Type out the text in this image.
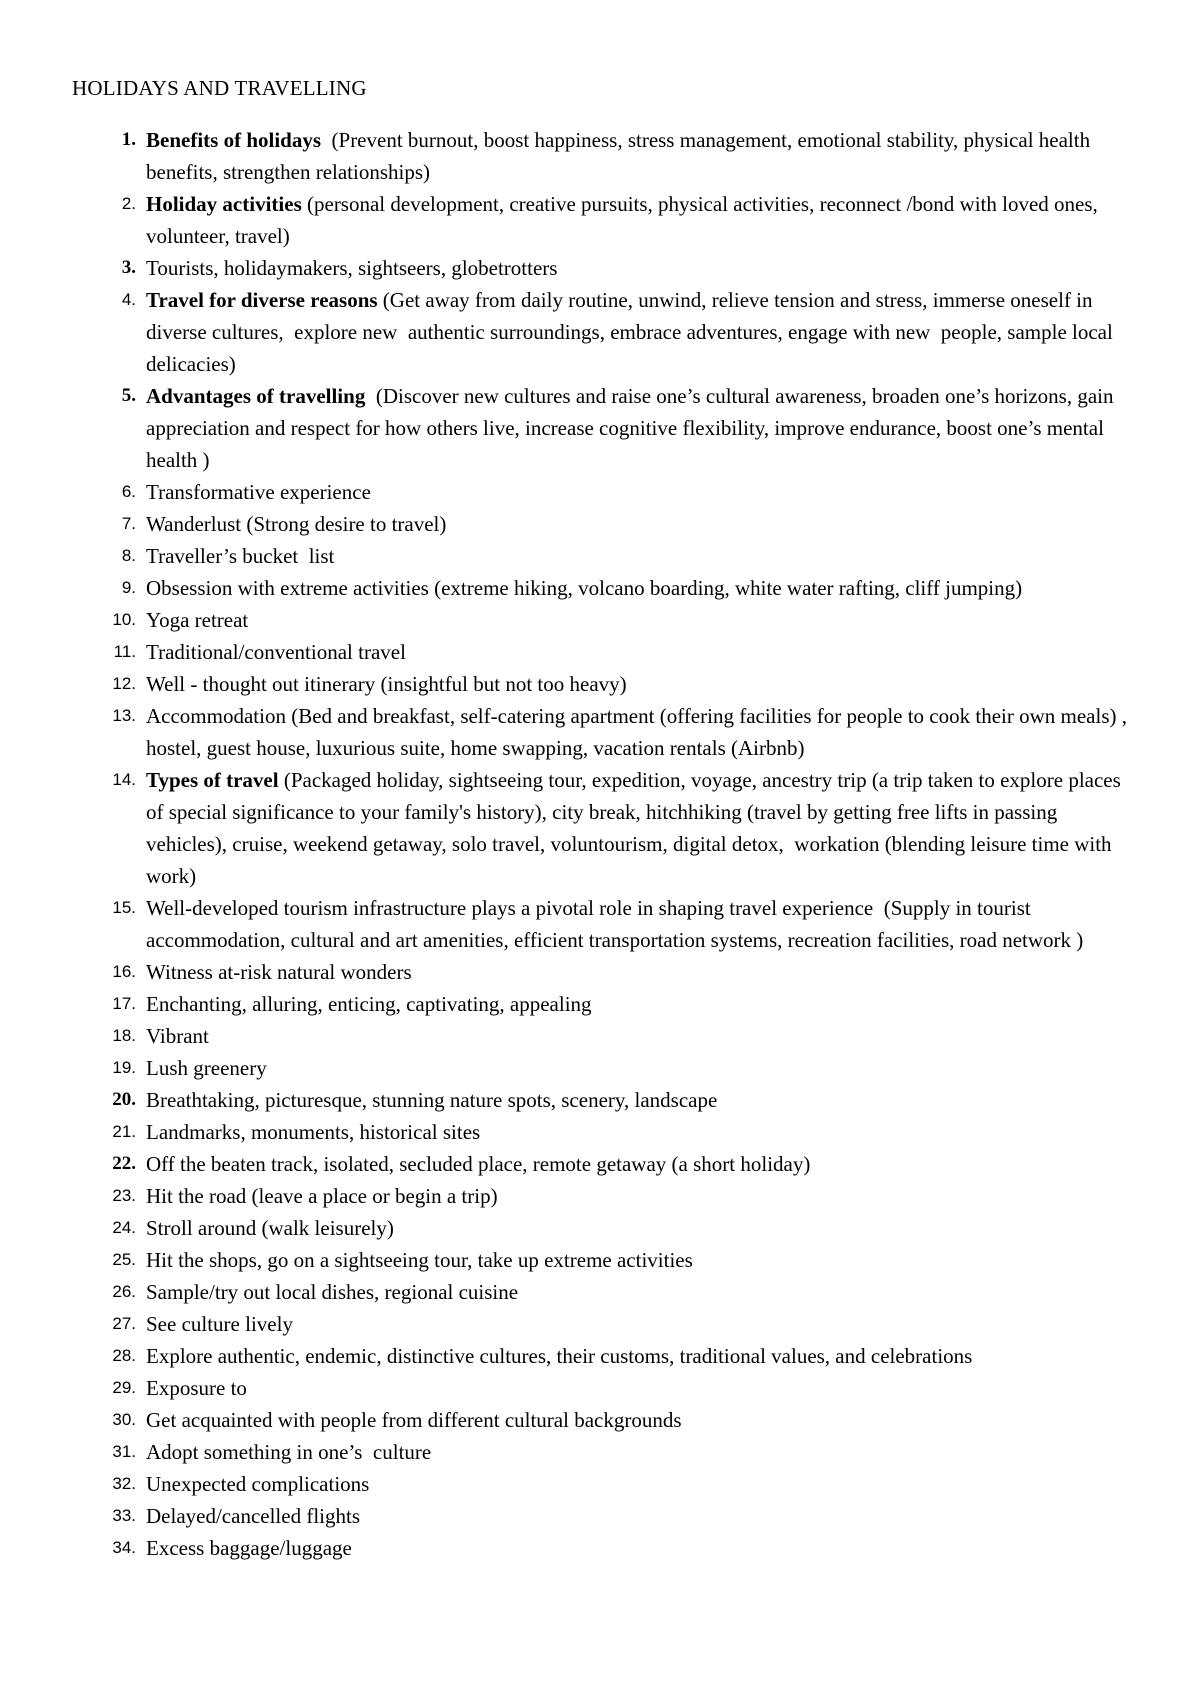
HOLIDAYS AND TRAVELLING
1. Benefits of holidays  (Prevent burnout, boost happiness, stress management, emotional stability, physical health benefits, strengthen relationships)
2. Holiday activities (personal development, creative pursuits, physical activities, reconnect /bond with loved ones, volunteer, travel)
3. Tourists, holidaymakers, sightseers, globetrotters
4. Travel for diverse reasons (Get away from daily routine, unwind, relieve tension and stress, immerse oneself in diverse cultures,  explore new  authentic surroundings, embrace adventures, engage with new  people, sample local delicacies)
5. Advantages of travelling  (Discover new cultures and raise one’s cultural awareness, broaden one’s horizons, gain appreciation and respect for how others live, increase cognitive flexibility, improve endurance, boost one’s mental health )
6. Transformative experience
7. Wanderlust (Strong desire to travel)
8. Traveller’s bucket  list
9. Obsession with extreme activities (extreme hiking, volcano boarding, white water rafting, cliff jumping)
10. Yoga retreat
11. Traditional/conventional travel
12. Well - thought out itinerary (insightful but not too heavy)
13. Accommodation (Bed and breakfast, self-catering apartment (offering facilities for people to cook their own meals) , hostel, guest house, luxurious suite, home swapping, vacation rentals (Airbnb)
14. Types of travel (Packaged holiday, sightseeing tour, expedition, voyage, ancestry trip (a trip taken to explore places of special significance to your family's history), city break, hitchhiking (travel by getting free lifts in passing vehicles), cruise, weekend getaway, solo travel, voluntourism, digital detox,  workation (blending leisure time with work)
15. Well-developed tourism infrastructure plays a pivotal role in shaping travel experience  (Supply in tourist accommodation, cultural and art amenities, efficient transportation systems, recreation facilities, road network )
16. Witness at-risk natural wonders
17. Enchanting, alluring, enticing, captivating, appealing
18. Vibrant
19. Lush greenery
20. Breathtaking, picturesque, stunning nature spots, scenery, landscape
21. Landmarks, monuments, historical sites
22. Off the beaten track, isolated, secluded place, remote getaway (a short holiday)
23. Hit the road (leave a place or begin a trip)
24. Stroll around (walk leisurely)
25. Hit the shops, go on a sightseeing tour, take up extreme activities
26. Sample/try out local dishes, regional cuisine
27. See culture lively
28. Explore authentic, endemic, distinctive cultures, their customs, traditional values, and celebrations
29. Exposure to
30. Get acquainted with people from different cultural backgrounds
31. Adopt something in one’s  culture
32. Unexpected complications
33. Delayed/cancelled flights
34. Excess baggage/luggage
